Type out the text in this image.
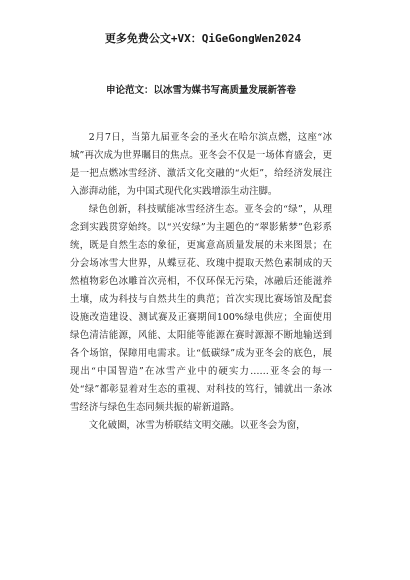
更多免费公文+VX：QiGeGongWen2024
申论范文：以冰雪为媒书写高质量发展新答卷

2月7日，当第九届亚冬会的圣火在哈尔滨点燃，这座“冰城”再次成为世界瞩目的焦点。亚冬会不仅是一场体育盛会，更是一把点燃冰雪经济、激活文化交融的“火炬”，给经济发展注入澎湃动能，为中国式现代化实践增添生动注脚。

绿色创新，科技赋能冰雪经济生态。亚冬会的“绿”，从理念到实践贯穿始终。以“兴安绿”为主题色的“翠影紫梦”色彩系统，既是自然生态的象征，更寓意高质量发展的未来图景；在分会场冰雪大世界，从蝶豆花、玫瑰中提取天然色素制成的天然植物彩色冰雕首次亮相，不仅环保无污染，冰融后还能滋养土壤，成为科技与自然共生的典范；首次实现比赛场馆及配套设施改造建设、测试赛及正赛期间100%绿电供应；全面使用绿色清洁能源，风能、太阳能等能源在赛时源源不断地输送到各个场馆，保障用电需求。让“低碳绿”成为亚冬会的底色，展现出“中国智造”在冰雪产业中的硬实力……亚冬会的每一处“绿”都彰显着对生态的重视、对科技的笃行，铺就出一条冰雪经济与绿色生态同频共振的崭新道路。

文化破圈，冰雪为桥联结文明交融。以亚冬会为窗，
